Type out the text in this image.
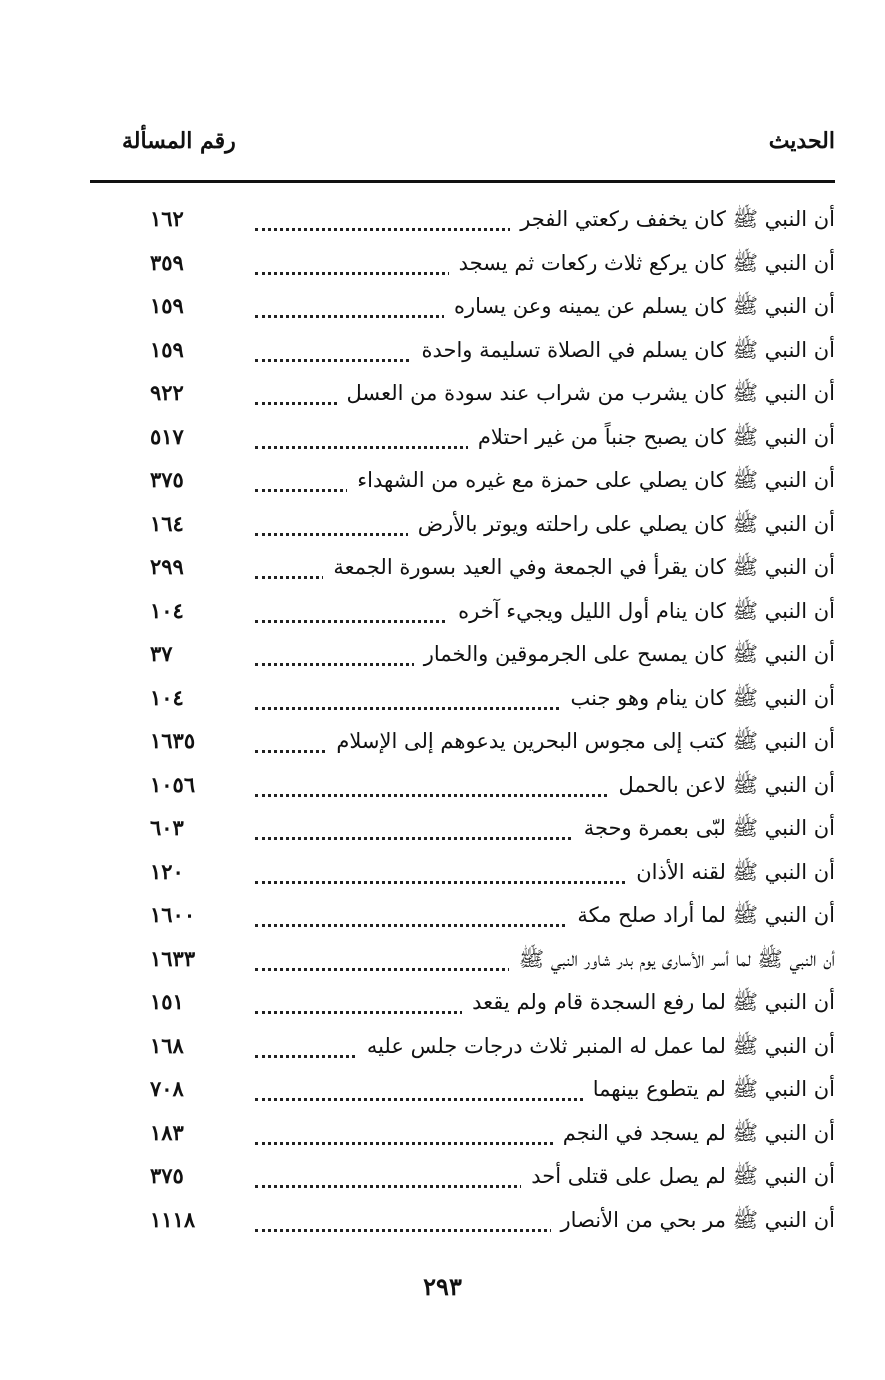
الحديث
رقم المسألة
أن النبي ﷺ كان يخفف ركعتي الفجر
١٦٢
أن النبي ﷺ كان يركع ثلاث ركعات ثم يسجد
٣٥٩
أن النبي ﷺ كان يسلم عن يمينه وعن يساره
١٥٩
أن النبي ﷺ كان يسلم في الصلاة تسليمة واحدة
١٥٩
أن النبي ﷺ كان يشرب من شراب عند سودة من العسل
٩٢٢
أن النبي ﷺ كان يصبح جنباً من غير احتلام
٥١٧
أن النبي ﷺ كان يصلي على حمزة مع غيره من الشهداء
٣٧٥
أن النبي ﷺ كان يصلي على راحلته ويوتر بالأرض
١٦٤
أن النبي ﷺ كان يقرأ في الجمعة وفي العيد بسورة الجمعة
٢٩٩
أن النبي ﷺ كان ينام أول الليل ويجيء آخره
١٠٤
أن النبي ﷺ كان يمسح على الجرموقين والخمار
٣٧
أن النبي ﷺ كان ينام وهو جنب
١٠٤
أن النبي ﷺ كتب إلى مجوس البحرين يدعوهم إلى الإسلام
١٦٣٥
أن النبي ﷺ لاعن بالحمل
١٠٥٦
أن النبي ﷺ لبّى بعمرة وحجة
٦٠٣
أن النبي ﷺ لقنه الأذان
١٢٠
أن النبي ﷺ لما أراد صلح مكة
١٦٠٠
أن النبي ﷺ لما أسر الأسارى يوم بدر شاور النبي ﷺ
١٦٣٣
أن النبي ﷺ لما رفع السجدة قام ولم يقعد
١٥١
أن النبي ﷺ لما عمل له المنبر ثلاث درجات جلس عليه
١٦٨
أن النبي ﷺ لم يتطوع بينهما
٧٠٨
أن النبي ﷺ لم يسجد في النجم
١٨٣
أن النبي ﷺ لم يصل على قتلى أحد
٣٧٥
أن النبي ﷺ مر بحي من الأنصار
١١١٨
٢٩٣
